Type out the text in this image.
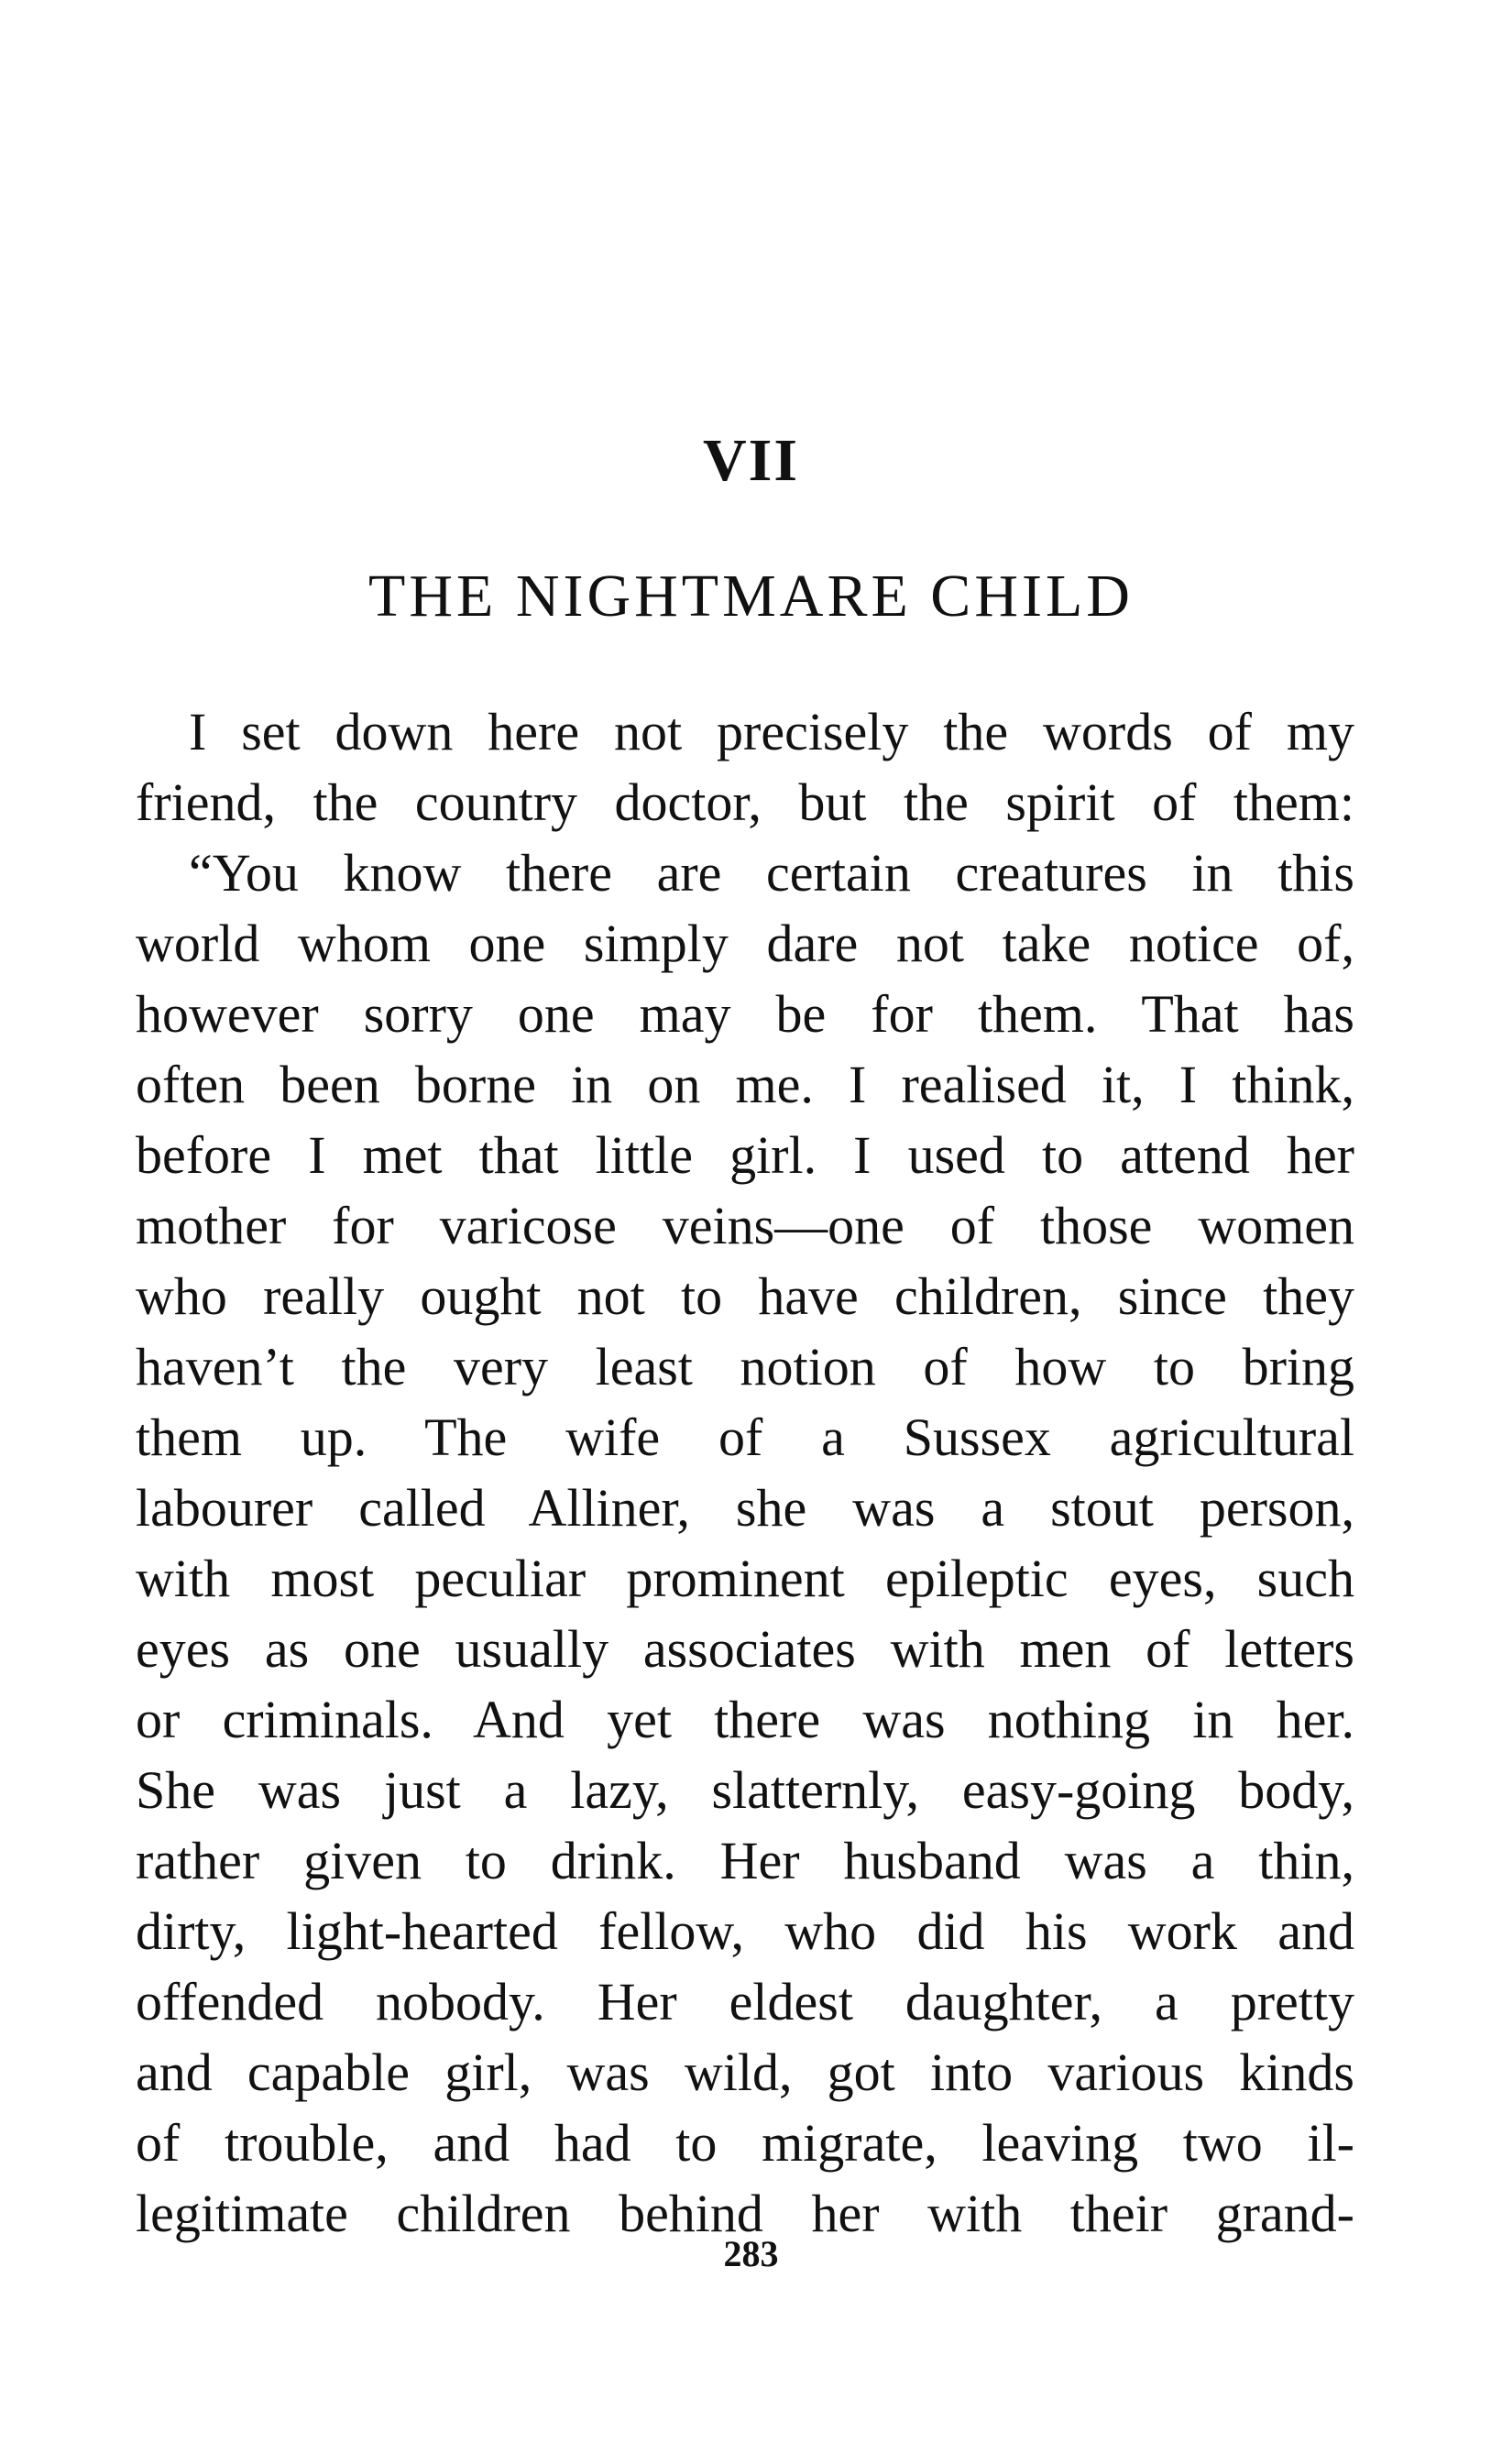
VII
THE NIGHTMARE CHILD
I set down here not precisely the words of my
friend, the country doctor, but the spirit of them:
“You know there are certain creatures in this
world whom one simply dare not take notice of,
however sorry one may be for them. That has
often been borne in on me. I realised it, I think,
before I met that little girl. I used to attend her
mother for varicose veins—one of those women
who really ought not to have children, since they
haven’t the very least notion of how to bring
them up. The wife of a Sussex agricultural
labourer called Alliner, she was a stout person,
with most peculiar prominent epileptic eyes, such
eyes as one usually associates with men of letters
or criminals. And yet there was nothing in her.
She was just a lazy, slatternly, easy-going body,
rather given to drink. Her husband was a thin,
dirty, light-hearted fellow, who did his work and
offended nobody. Her eldest daughter, a pretty
and capable girl, was wild, got into various kinds
of trouble, and had to migrate, leaving two il-
legitimate children behind her with their grand-
283
